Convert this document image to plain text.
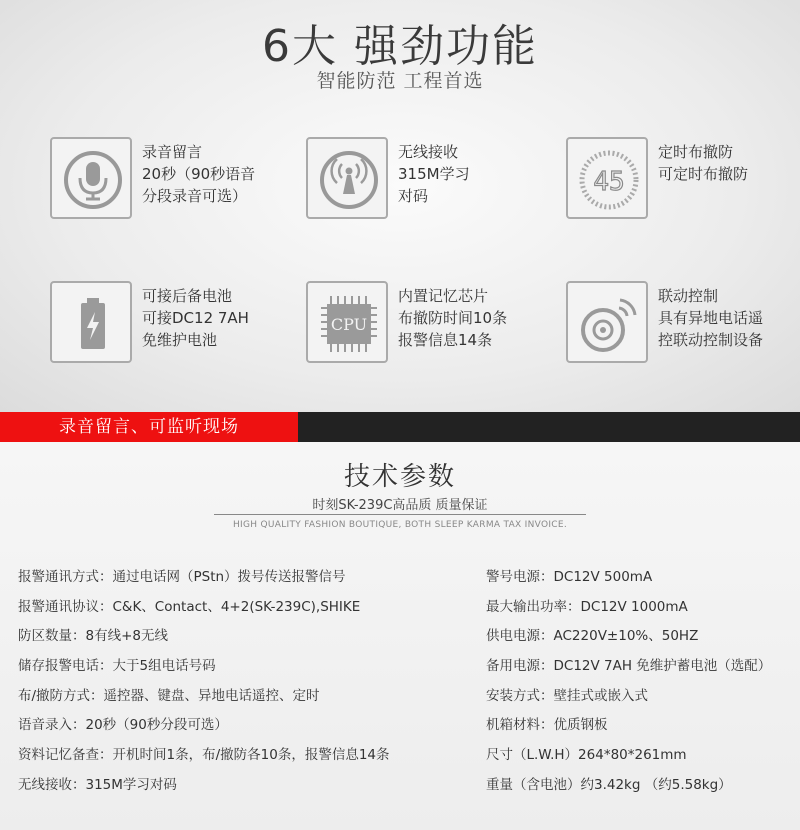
6大 强劲功能
智能防范 工程首选
录音留言
20秒（90秒语音
分段录音可选）
无线接收
315M学习
对码	45
定时布撤防
可定时布撤防
可接后备电池
可接DC12 7AH
免维护电池
CPU
内置记忆芯片
布撤防时间10条
报警信息14条
联动控制
具有异地电话遥
控联动控制设备
录音留言、可监听现场
技术参数
时刻SK-239C高品质 质量保证
HIGH QUALITY FASHION BOUTIQUE, BOTH SLEEP KARMA TAX INVOICE.
报警通讯方式：通过电话网（PStn）拨号传送报警信号
报警通讯协议：C&K、Contact、4+2(SK-239C),SHIKE
防区数量：8有线+8无线
储存报警电话：大于5组电话号码
布/撤防方式：遥控器、键盘、异地电话遥控、定时
语音录入：20秒（90秒分段可选）
资料记忆备查：开机时间1条，布/撤防各10条，报警信息14条
无线接收：315M学习对码
警号电源：DC12V 500mA
最大输出功率：DC12V 1000mA
供电电源：AC220V±10%、50HZ
备用电源：DC12V 7AH 免维护蓄电池（选配）
安装方式：壁挂式或嵌入式
机箱材料：优质钢板
尺寸（L.W.H）264*80*261mm
重量（含电池）约3.42kg （约5.58kg）
